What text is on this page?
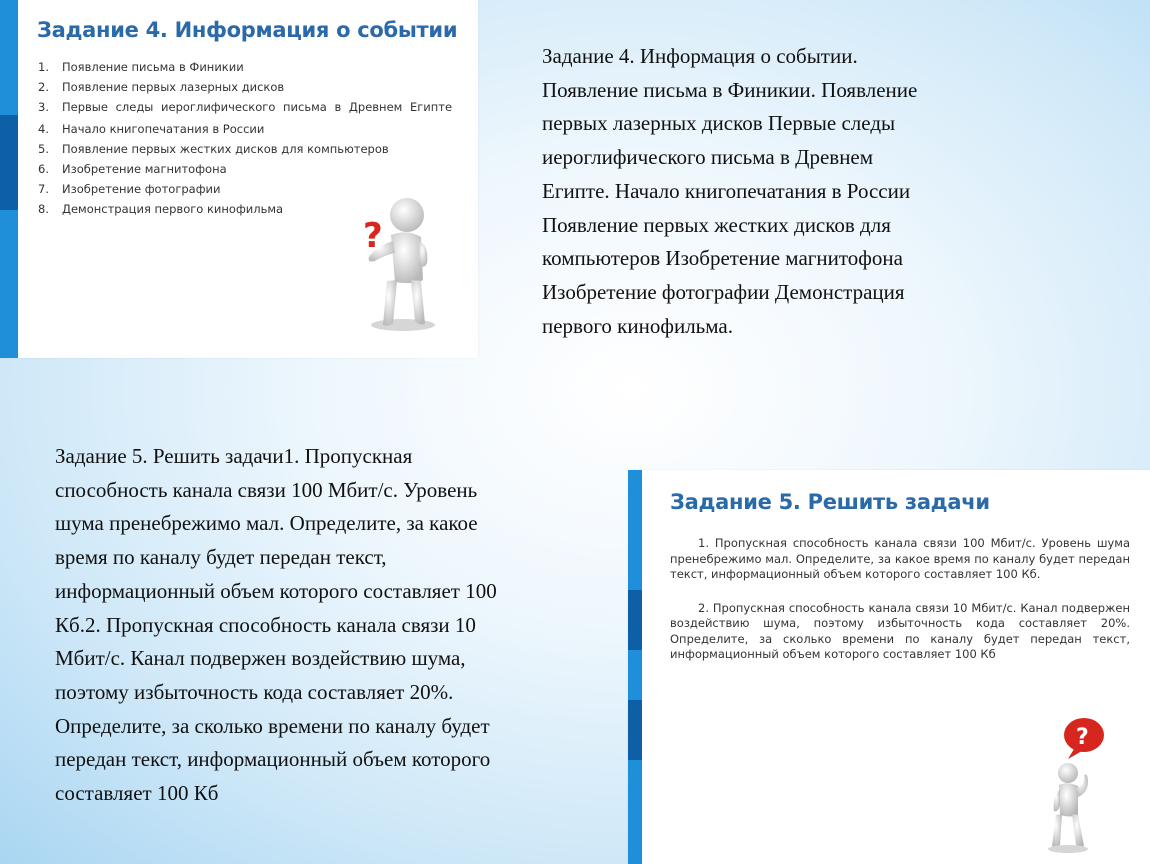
Задание 4. Информация о событии
1.	Появление письма в Финикии
2.	Появление первых лазерных дисков
3.	Первые следы иероглифического письма в Древнем Египте
4.	Начало книгопечатания в России
5.	Появление первых жестких дисков для компьютеров
6.	Изобретение магнитофона
7.	Изобретение фотографии
8.	Демонстрация первого кинофильма
?
Задание 4. Информация о событии.
Появление письма в Финикии. Появление
первых лазерных дисков Первые следы
иероглифического письма в Древнем
Египте. Начало книгопечатания в России
Появление первых жестких дисков для
компьютеров Изобретение магнитофона
Изобретение фотографии Демонстрация
первого кинофильма.
Задание 5. Решить задачи1. Пропускная
способность канала связи 100 Мбит/с. Уровень
шума пренебрежимо мал. Определите, за какое
время по каналу будет передан текст,
информационный объем которого составляет 100
Кб.2. Пропускная способность канала связи 10
Мбит/с. Канал подвержен воздействию шума,
поэтому избыточность кода составляет 20%.
Определите, за сколько времени по каналу будет
передан текст, информационный объем которого
составляет 100 Кб
Задание 5. Решить задачи

1. Пропускная способность канала связи 100 Мбит/с. Уровень шума пренебрежимо мал. Определите, за какое время по каналу будет передан текст, информационный объем которого составляет 100 Кб.

2. Пропускная способность канала связи 10 Мбит/с. Канал подвержен воздействию шума, поэтому избыточность кода составляет 20%. Определите, за сколько времени по каналу будет передан текст, информационный объем которого составляет 100 Кб

?
